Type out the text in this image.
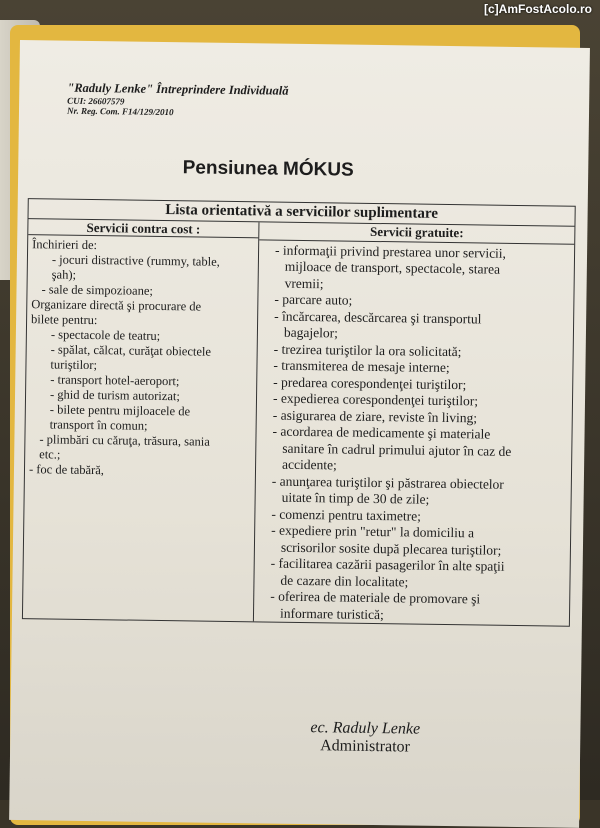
[c]AmFostAcolo.ro
"Raduly Lenke" Întreprindere Individuală
CUI: 26607579
Nr. Reg. Com. F14/129/2010
Pensiunea MÓKUS
Lista orientativă a serviciilor suplimentare
Servicii contra cost :
Închirieri de:
- jocuri distractive (rummy, table,
şah);
- sale de simpozioane;
Organizare directă şi procurare de
bilete pentru:
- spectacole de teatru;
- spălat, călcat, curăţat obiectele
turiştilor;
- transport hotel-aeroport;
- ghid de turism autorizat;
- bilete pentru mijloacele de
transport în comun;
- plimbări cu căruţa, trăsura, sania
etc.;
- foc de tabără,
Servicii gratuite:
- informaţii privind prestarea unor servicii,
mijloace de transport, spectacole, starea
vremii;
- parcare auto;
- încărcarea, descărcarea şi transportul
bagajelor;
- trezirea turiştilor la ora solicitată;
- transmiterea de mesaje interne;
- predarea corespondenţei turiştilor;
- expedierea corespondenţei turiştilor;
- asigurarea de ziare, reviste în living;
- acordarea de medicamente şi materiale
sanitare în cadrul primului ajutor în caz de
accidente;
- anunţarea turiştilor şi păstrarea obiectelor
uitate în timp de 30 de zile;
- comenzi pentru taximetre;
- expediere prin "retur" la domiciliu a
scrisorilor sosite după plecarea turiştilor;
- facilitarea cazării pasagerilor în alte spaţii
de cazare din localitate;
- oferirea de materiale de promovare şi
informare turistică;
ec. Raduly Lenke
Administrator
